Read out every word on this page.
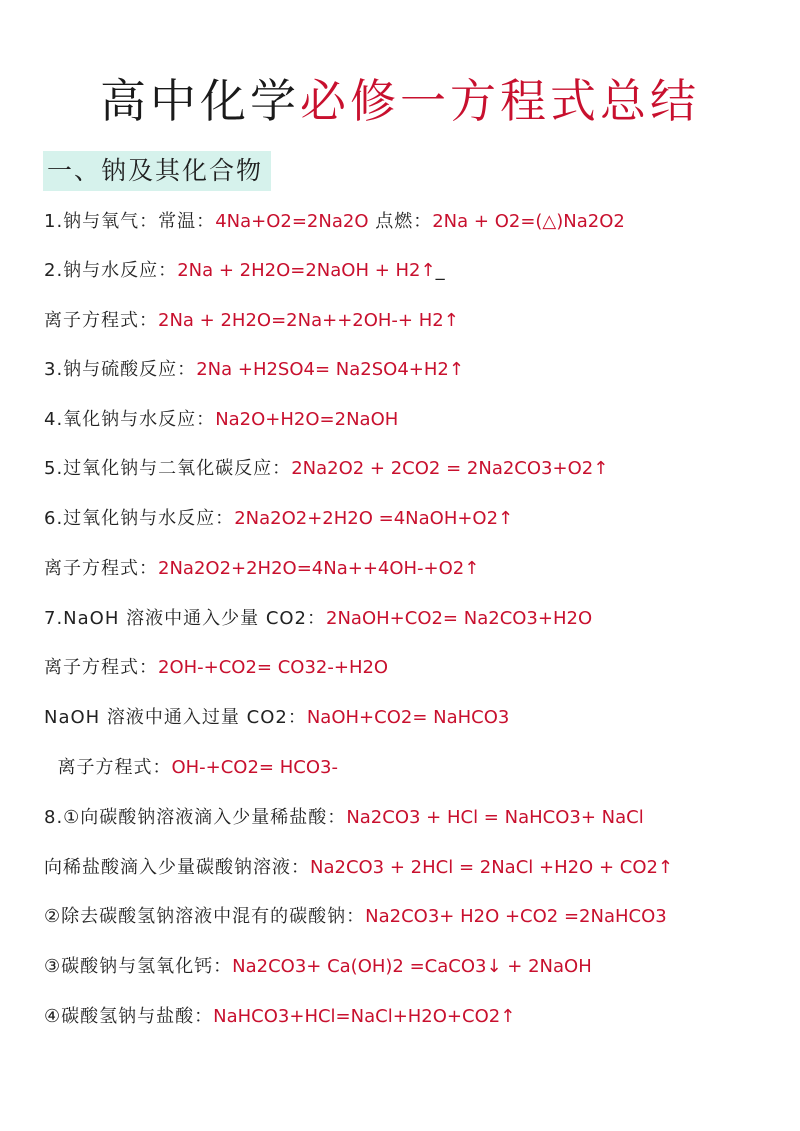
高中化学必修一方程式总结
一、钠及其化合物
1.钠与氧气：常温：4Na+O2=2Na2O 点燃：2Na + O2=(△)Na2O2
2.钠与水反应：2Na + 2H2O=2NaOH + H2↑_
离子方程式：2Na + 2H2O=2Na++2OH-+ H2↑
3.钠与硫酸反应：2Na +H2SO4= Na2SO4+H2↑
4.氧化钠与水反应：Na2O+H2O=2NaOH
5.过氧化钠与二氧化碳反应：2Na2O2 + 2CO2 = 2Na2CO3+O2↑
6.过氧化钠与水反应：2Na2O2+2H2O =4NaOH+O2↑
离子方程式：2Na2O2+2H2O=4Na++4OH-+O2↑
7.NaOH 溶液中通入少量 CO2：2NaOH+CO2= Na2CO3+H2O
离子方程式：2OH-+CO2= CO32-+H2O
NaOH 溶液中通入过量 CO2：NaOH+CO2= NaHCO3
离子方程式：OH-+CO2= HCO3-
8.①向碳酸钠溶液滴入少量稀盐酸：Na2CO3 + HCl = NaHCO3+ NaCl
向稀盐酸滴入少量碳酸钠溶液：Na2CO3 + 2HCl = 2NaCl +H2O + CO2↑
②除去碳酸氢钠溶液中混有的碳酸钠：Na2CO3+ H2O +CO2 =2NaHCO3
③碳酸钠与氢氧化钙：Na2CO3+ Ca(OH)2 =CaCO3↓ + 2NaOH
④碳酸氢钠与盐酸：NaHCO3+HCl=NaCl+H2O+CO2↑
